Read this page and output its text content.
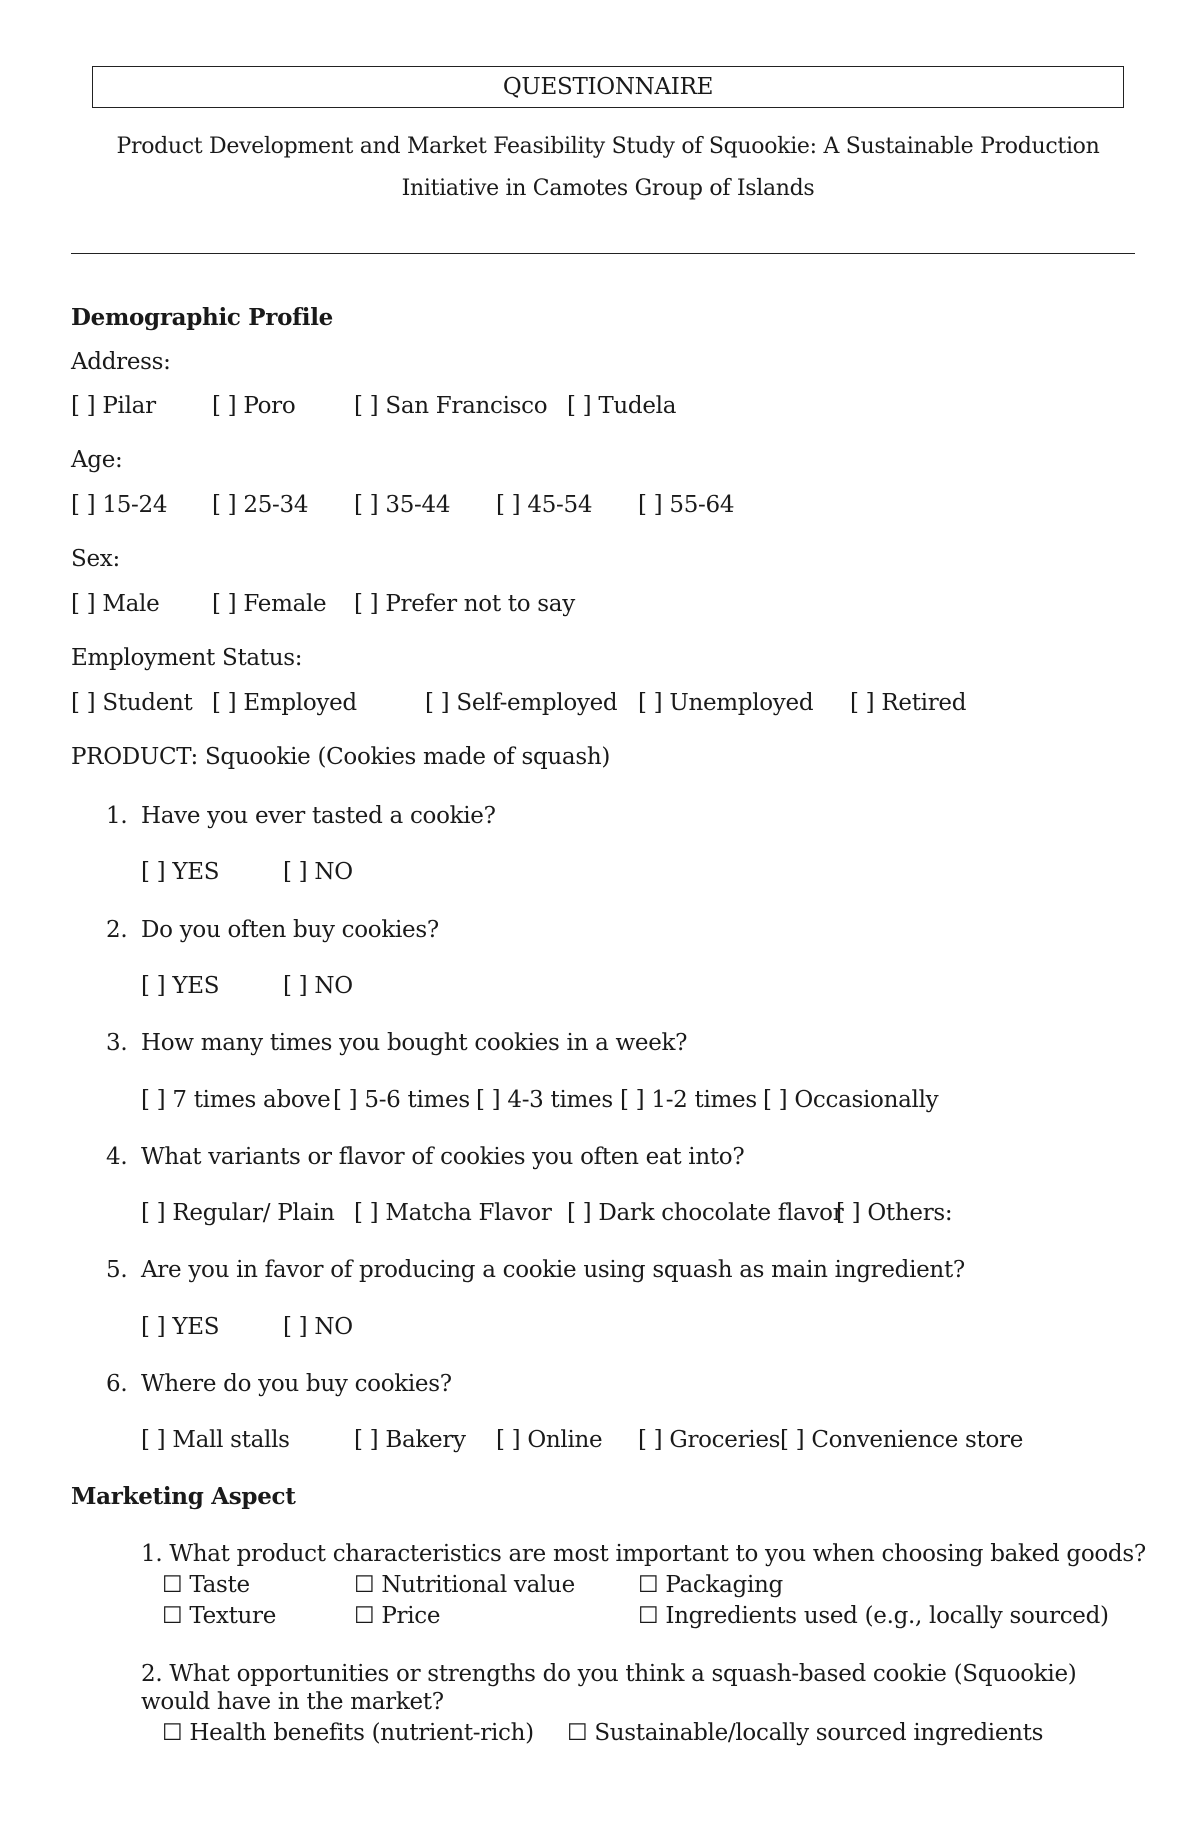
QUESTIONNAIRE
Product Development and Market Feasibility Study of Squookie: A Sustainable Production
Initiative in Camotes Group of Islands
Demographic Profile
Address:
[ ] Pilar [ ] Poro	[ ] San Francisco [ ] Tudela
Age:
[ ] 15-24 [ ] 25-34 [ ] 35-44 [ ] 45-54 [ ] 55-64
Sex:
[ ] Male [ ] Female [ ] Prefer not to say
Employment Status:
[ ] Student [ ] Employed	[ ] Self-employed [ ] Unemployed [ ] Retired
PRODUCT: Squookie (Cookies made of squash)
1. Have you ever tasted a cookie?
[ ] YES	[ ] NO
2. Do you often buy cookies?
[ ] YES	[ ] NO
3. How many times you bought cookies in a week?
[ ] 7 times above [ ] 5-6 times [ ] 4-3 times [ ] 1-2 times [ ] Occasionally
4. What variants or flavor of cookies you often eat into?
[ ] Regular/ Plain [ ] Matcha Flavor [ ] Dark chocolate flavor
[ ] Others:
5. Are you in favor of producing a cookie using squash as main ingredient?
[ ] YES	[ ] NO
6. Where do you buy cookies?
[ ] Mall stalls	[ ] Bakery [ ] Online [ ] Groceries [ ] Convenience store
Marketing Aspect
1. What product characteristics are most important to you when choosing baked goods?
☐ Taste	☐ Nutritional value	☐ Packaging
☐ Texture	☐ Price	☐ Ingredients used (e.g., locally sourced)
2. What opportunities or strengths do you think a squash-based cookie (Squookie) would have in the market?
☐ Health benefits (nutrient-rich) ☐ Sustainable/locally sourced ingredients
